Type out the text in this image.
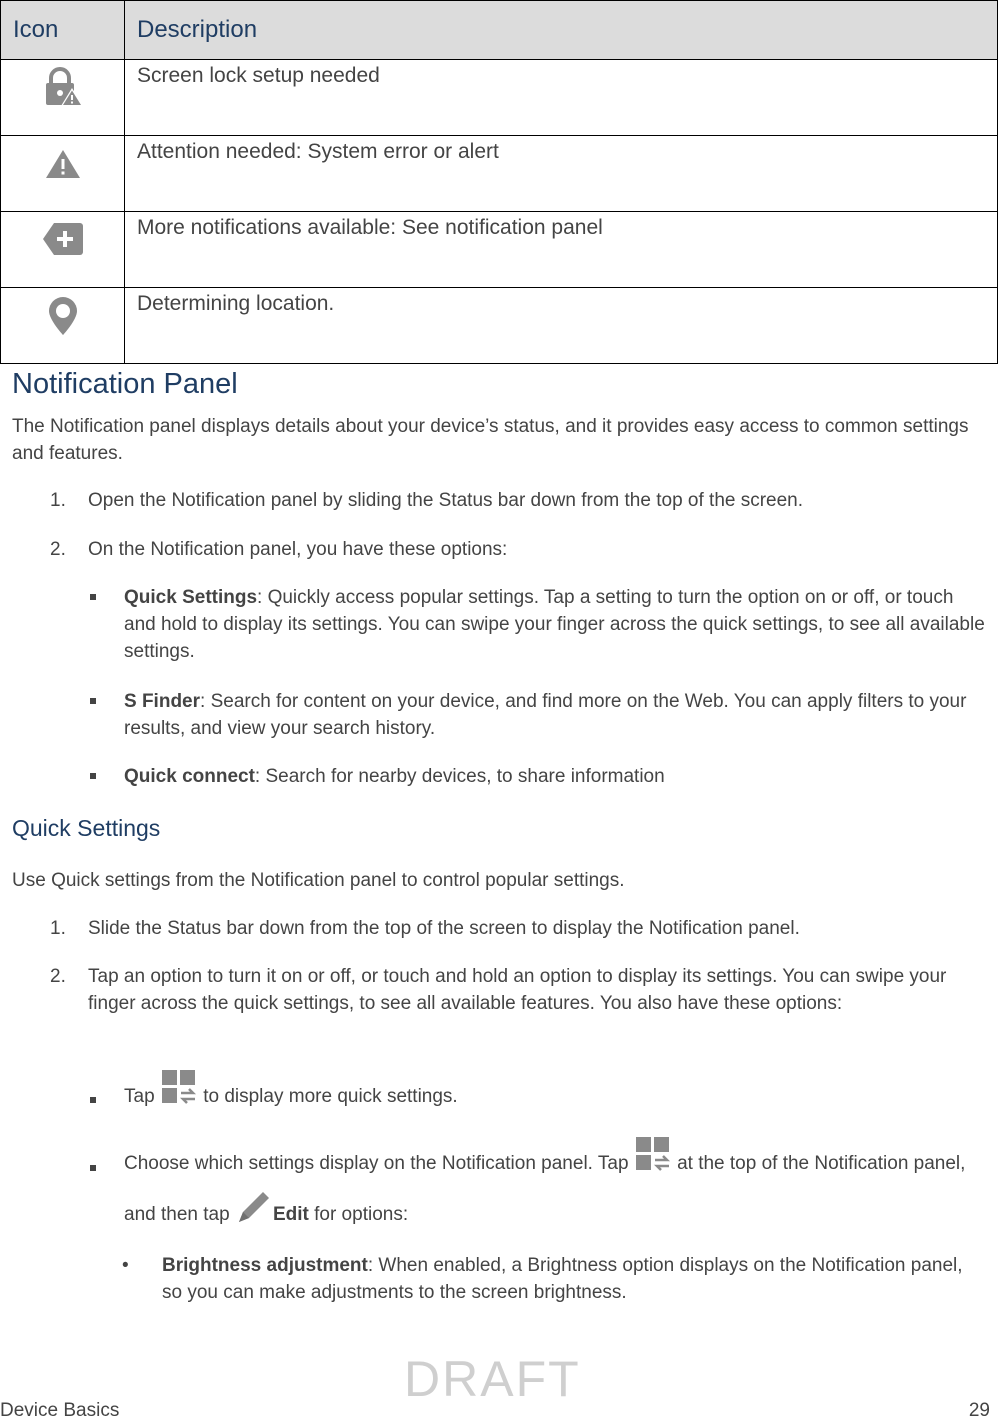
Icon	Description

	Screen lock setup needed

	Attention needed: System error or alert

	More notifications available: See notification panel

	Determining location.
Notification Panel

The Notification panel displays details about your device’s status, and it provides easy access to common settings and features.

1. Open the Notification panel by sliding the Status bar down from the top of the screen.

2. On the Notification panel, you have these options:

Quick Settings: Quickly access popular settings. Tap a setting to turn the option on or off, or touch and hold to display its settings. You can swipe your finger across the quick settings, to see all available settings.

S Finder: Search for content on your device, and find more on the Web. You can apply filters to your results, and view your search history.

Quick connect: Search for nearby devices, to share information

Quick Settings

Use Quick settings from the Notification panel to control popular settings.

1. Slide the Status bar down from the top of the screen to display the Notification panel.

2. Tap an option to turn it on or off, or touch and hold an option to display its settings. You can swipe your finger across the quick settings, to see all available features. You also have these options:

Tap  to display more quick settings.

Choose which settings display on the Notification panel. Tap  at the top of the Notification panel, and then tap Edit for options:

• Brightness adjustment: When enabled, a Brightness option displays on the Notification panel, so you can make adjustments to the screen brightness.

DRAFT
Device Basics	29
